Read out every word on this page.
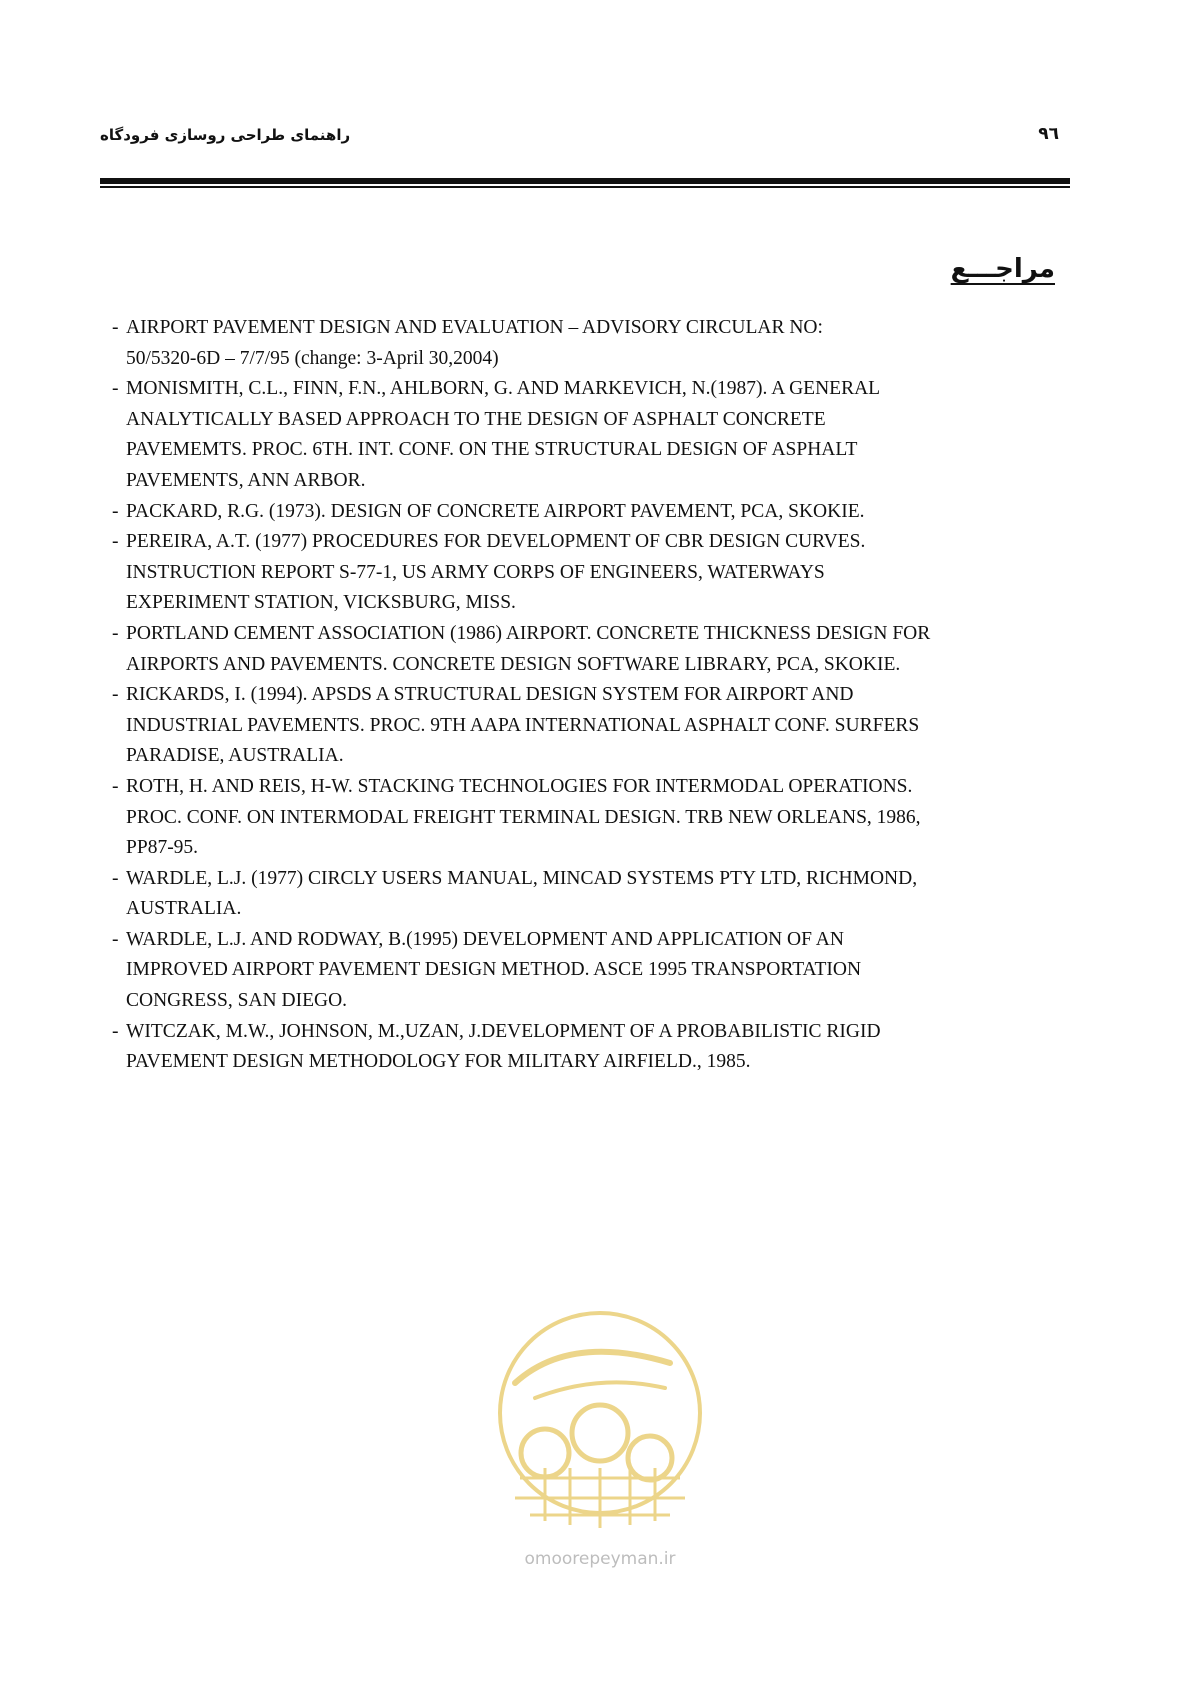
راهنمای طراحی روسازی فرودگاه	۹٦
مراجـــع
- AIRPORT PAVEMENT DESIGN AND EVALUATION – ADVISORY CIRCULAR NO:
50/5320-6D – 7/7/95 (change: 3-April 30,2004)
- MONISMITH, C.L., FINN, F.N., AHLBORN, G. AND MARKEVICH, N.(1987). A GENERAL
ANALYTICALLY BASED APPROACH TO THE DESIGN OF ASPHALT CONCRETE
PAVEMEMTS. PROC. 6TH. INT. CONF. ON THE STRUCTURAL DESIGN OF ASPHALT
PAVEMENTS, ANN ARBOR.
- PACKARD, R.G. (1973). DESIGN OF CONCRETE AIRPORT PAVEMENT, PCA, SKOKIE.
- PEREIRA, A.T. (1977) PROCEDURES FOR DEVELOPMENT OF CBR DESIGN CURVES.
INSTRUCTION REPORT S-77-1, US ARMY CORPS OF ENGINEERS, WATERWAYS
EXPERIMENT STATION, VICKSBURG, MISS.
- PORTLAND CEMENT ASSOCIATION (1986) AIRPORT. CONCRETE THICKNESS DESIGN FOR
AIRPORTS AND PAVEMENTS. CONCRETE DESIGN SOFTWARE LIBRARY, PCA, SKOKIE.
- RICKARDS, I. (1994). APSDS A STRUCTURAL DESIGN SYSTEM FOR AIRPORT AND
INDUSTRIAL PAVEMENTS. PROC. 9TH AAPA INTERNATIONAL ASPHALT CONF. SURFERS
PARADISE, AUSTRALIA.
- ROTH, H. AND REIS, H-W. STACKING TECHNOLOGIES FOR INTERMODAL OPERATIONS.
PROC. CONF. ON INTERMODAL FREIGHT TERMINAL DESIGN. TRB NEW ORLEANS, 1986,
PP87-95.
- WARDLE, L.J. (1977) CIRCLY USERS MANUAL, MINCAD SYSTEMS PTY LTD, RICHMOND,
AUSTRALIA.
- WARDLE, L.J. AND RODWAY, B.(1995) DEVELOPMENT AND APPLICATION OF AN
IMPROVED AIRPORT PAVEMENT DESIGN METHOD. ASCE 1995 TRANSPORTATION
CONGRESS, SAN DIEGO.
- WITCZAK, M.W., JOHNSON, M.,UZAN, J.DEVELOPMENT OF A PROBABILISTIC RIGID
PAVEMENT DESIGN METHODOLOGY FOR MILITARY AIRFIELD., 1985.
omoorepeyman.ir
